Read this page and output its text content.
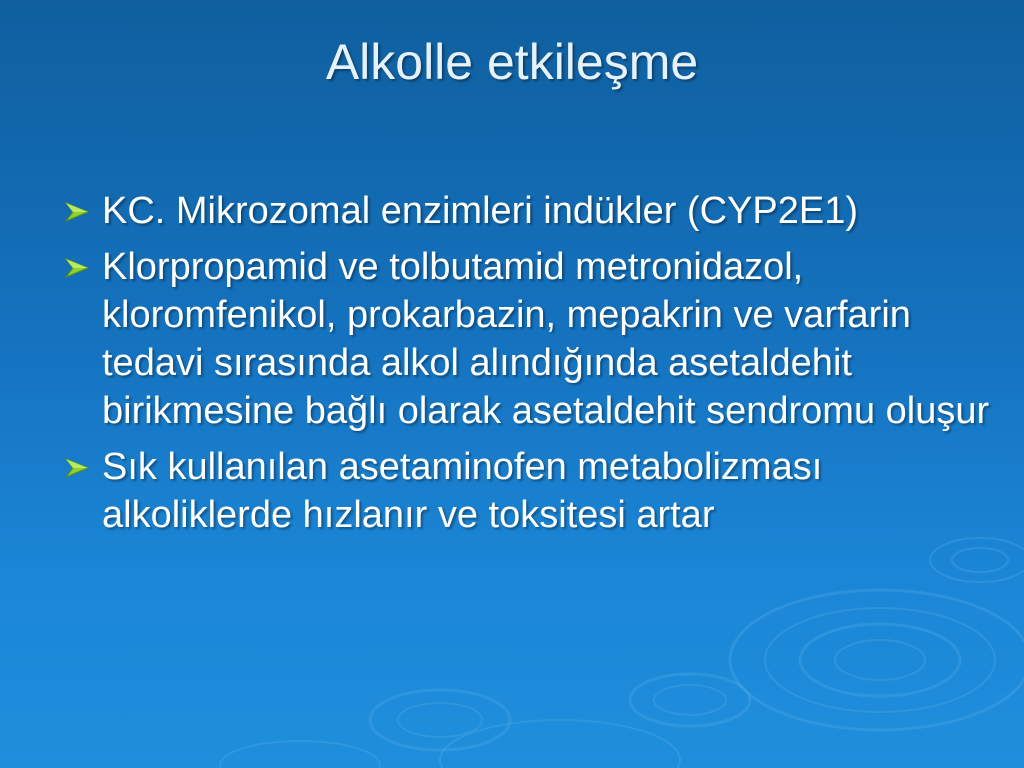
Alkolle etkileşme
KC. Mikrozomal enzimleri indükler (CYP2E1)
Klorpropamid ve tolbutamid metronidazol, kloromfenikol, prokarbazin, mepakrin ve varfarin tedavi sırasında alkol alındığında asetaldehit birikmesine bağlı olarak asetaldehit sendromu oluşur
Sık kullanılan asetaminofen metabolizması alkoliklerde hızlanır ve toksitesi artar
